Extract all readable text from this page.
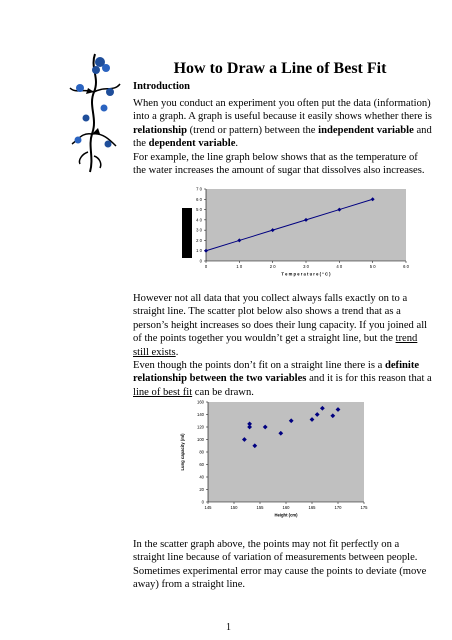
How to Draw a Line of Best Fit
Introduction

When you conduct an experiment you often put the data (information) into a graph. A graph is useful because it easily shows whether there is relationship (trend or pattern) between the independent variable and the dependent variable.

For example, the line graph below shows that as the temperature of the water increases the amount of sugar that dissolves also increases.

0
1 0
2 0
3 0
4 0
5 0
6 0
7 0
0	1 0	2 0	3 0	4 0	5 0	6 0
T e m p e r a t u r e ( ° C )

However not all data that you collect always falls exactly on to a straight line. The scatter plot below also shows a trend that as a person’s height increases so does their lung capacity. If you joined all of the points together you wouldn’t get a straight line, but the trend still exists.

Even though the points don’t fit on a straight line there is a definite relationship between the two variables and it is for this reason that a line of best fit can be drawn.

0
20
40
60
80
100
120
140
160
145	150	155	160	165	170	175
Height (cm)
Lung capacity (ml)

In the scatter graph above, the points may not fit perfectly on a straight line because of variation of measurements between people. Sometimes experimental error may cause the points to deviate (move away) from a straight line.

1
